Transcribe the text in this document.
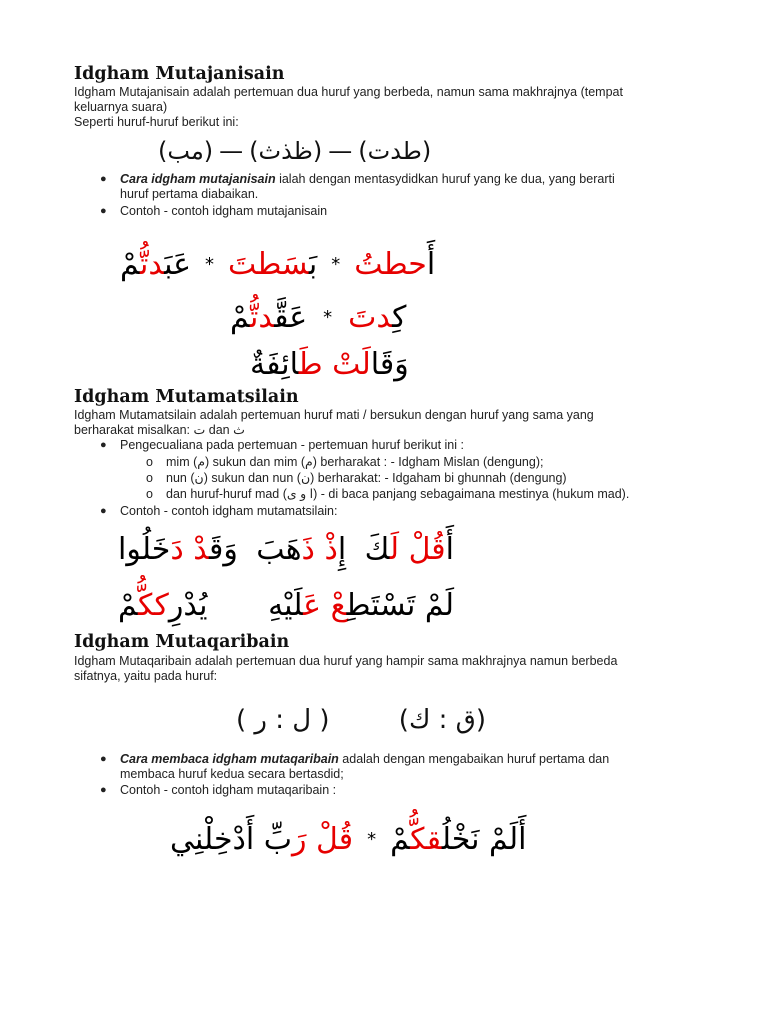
Idgham Mutajanisain
Idgham Mutajanisain adalah pertemuan dua huruf yang berbeda, namun sama makhrajnya (tempat
keluarnya suara)
Seperti huruf-huruf berikut ini:
(مب) — (ظذث) — (طدت)
● Cara idgham mutajanisain ialah dengan mentasydidkan huruf yang ke dua, yang berarti
huruf pertama diabaikan.
● Contoh - contoh idgham mutajanisain
أَحطتُ
*
بَسَطتَ
*
عَبَدتُّمْ
كِدتَ
*
عَقَّدتُّمْ
وَقَالَتْ طَائِفَةٌ
Idgham Mutamatsilain
Idgham Mutamatsilain adalah pertemuan huruf mati / bersukun dengan huruf yang sama yang
berharakat misalkan: ت dan ث
● Pengecualiana pada pertemuan - pertemuan huruf berikut ini :
o mim (م) sukun dan mim (م) berharakat : - Idgham Mislan (dengung);
o nun (ن) sukun dan nun (ن) berharakat: - Idgaham bi ghunnah (dengung)
o dan huruf-huruf mad (ا و ى) - di baca panjang sebagaimana mestinya (hukum mad).
● Contoh - contoh idgham mutamatsilain:
أَقُلْ لَكَ
إِذْ ذَهَبَ
وَقَدْ دَخَلُوا
لَمْ تَسْتَطِعْ عَلَيْهِ
يُدْرِككُّمْ
Idgham Mutaqaribain
Idgham Mutaqaribain adalah pertemuan dua huruf yang hampir sama makhrajnya namun berbeda
sifatnya, yaitu pada huruf:
( ل : ر )	(ق : ك)
● Cara membaca idgham mutaqaribain adalah dengan mengabaikan huruf pertama dan
membaca huruf kedua secara bertasdid;
● Contoh - contoh idgham mutaqaribain :
أَلَمْ نَخْلُقكُّمْ
*
قُلْ رَبِّ أَدْخِلْنِي
